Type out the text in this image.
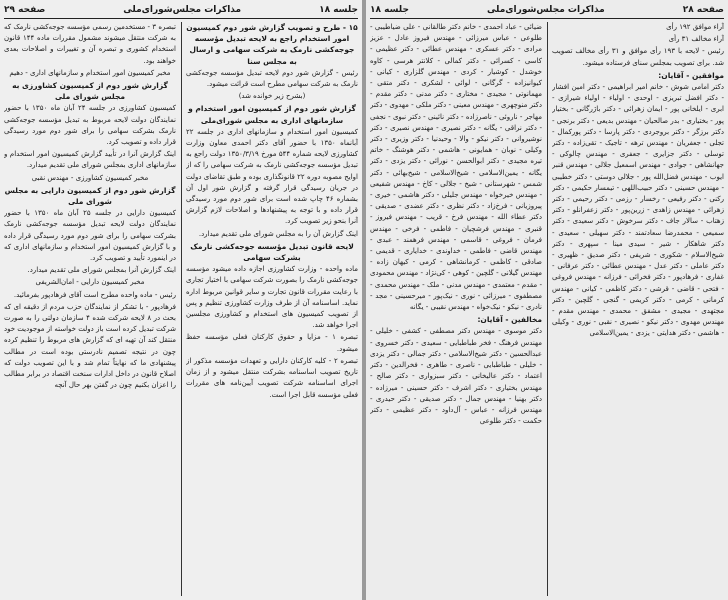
جلسه ۱۸
مذاکرات مجلس‌شورای‌ملی
صفحه ۲۹

۱۵ - طرح و تصویب گزارش شور دوم کمیسیون امور استخدام راجع به لایحه تبدیل مؤسسه جوجه‌کشی نارمک به شرکت سهامی و ارسال به مجلس سنا

رئیس - گزارش شور دوم لایحه تبدیل مؤسسه جوجه‌کشی نارمک به شرکت سهامی مطرح است قرائت میشود.

(بشرح زیر خوانده شد)

گزارش شور دوم از کمیسیون امور استخدام و سازمانهای اداری به مجلس شورای‌ملی

کمیسیون امور استخدام و سازمانهای اداری در جلسه ۲۲ آبانماه ۱۳۵۰ با حضور آقای دکتر احمدی معاون وزارت کشاورزی لایحه شماره ۵۴۴ مورخ ۱۳۵۰/۳/۱۹ دولت راجع به تبدیل مؤسسه جوجه‌کشی نارمک به شرکت سهامی را که از اوایح مصوبه دوره ۲۲ قانونگذاری بوده و طبق تقاضای دولت در جریان رسیدگی قرار گرفته و گزارش شور اول آن بشماره ۴۶ چاپ شده است برای شور دوم مورد رسیدگی قرار داده و با توجه به پیشنهادها و اصلاحات لازم گزارش آنرا بنحو زیر تصویب کرد.

اینک گزارش آن را به مجلس شورای ملی تقدیم میدارد.

لایحه قانون تبدیل مؤسسه جوجه‌کشی نارمک بشرکت سهامی

ماده واحده - وزارت کشاورزی اجازه داده میشود مؤسسه جوجه‌کشی نارمک را بصورت شرکت سهامی با اختیار تجاری با رعایت مقررات قانون تجارت و سایر قوانین مربوط اداره نماید. اساسنامه آن از طرف وزارت کشاورزی تنظیم و پس از تصویب کمیسیون های استخدام و کشاورزی مجلسین اجرا خواهد شد.

تبصره ۱ - مزایا و حقوق کارکنان فعلی مؤسسه حفظ میشود.

تبصره ۲ - کلیه کارکنان دارایی و تعهدات مؤسسه مذکور از تاریخ تصویب اساسنامه بشرکت منتقل میشود و از زمان اجرای اساسنامه شرکت تصویب آیین‌نامه های مقررات فعلی مؤسسه قابل اجرا است.

تبصره ۳ - مستخدمین رسمی مؤسسه جوجه‌کشی نارمک که به شرکت منتقل میشوند مشمول مقررات ماده ۱۴۴ قانون استخدام کشوری و تبصره آن و تغییرات و اصلاحات بعدی خواهند بود.

مخبر کمیسیون امور استخدام و سازمانهای اداری - دهیم

گزارش شور دوم از کمیسیون کشاورزی به مجلس شورای ملی

کمیسیون کشاورزی در جلسه ۲۴ آبان ماه ۱۳۵۰ با حضور نمایندگان دولت لایحه مربوط به تبدیل مؤسسه جوجه‌کشی نارمک بشرکت سهامی را برای شور دوم مورد رسیدگی قرار داده و تصویب کرد.

اینک گزارش آنرا در تأیید گزارش کمیسیون امور استخدام و سازمانهای اداری بمجلس شورای ملی تقدیم میدارد.

مخبر کمیسیون کشاورزی - مهندس نقبی

گزارش شور دوم از کمیسیون دارایی به مجلس شورای ملی

کمیسیون دارایی در جلسه ۲۵ آبان ماه ۱۳۵۰ با حضور نمایندگان دولت لایحه تبدیل مؤسسه جوجه‌کشی نارمک بشرکت سهامی را برای شور دوم مورد رسیدگی قرار داده و با گزارش کمیسیون امور استخدام و سازمانهای اداری که در اینمورد تأیید و تصویب کرد.

اینک گزارش آنرا بمجلس شورای ملی تقدیم میدارد.

مخبر کمیسیون دارایی - امان‌الشریفی

رئیس - ماده واحده مطرح است آقای فرهادپور بفرمائید.

فرهادپور - با تشکر از نمایندگان حزب مردم از دقیقه ای که بحث در ۸ لایحه شرکت شده ۴ سازمان دولتی را به صورت شرکت تبدیل کرده است باز دولت خواسته از موجودیت خود منتقل کند آن تهیه ای که گزارش های مربوط را تنظیم کرده چون در نتیجه تصمیم نادرستی بوده است در مطالب پیشنهادی ما که نهایتاً تمام شد و با این تصویب دولت که اصلاح قانون در داخل ادارات سنخت اقتصاد در برابر مطالب را اعزان بکنیم چون در گفتن بهر حال آنچه

صفحه ۲۸
مذاکرات مجلس‌شورای‌ملی
جلسه ۱۸

آراء موافق ۱۹۲ رأی

آراء مخالف ۳۱ رأی

رئیس - لایحه با ۱۹۳ رأی موافق و ۳۱ رأی مخالف تصویب شد. برای تصویب بمجلس سنای فرستاده میشود.

موافقین - آقایان:

دکتر امامی شوش - خانم امیر ابراهیمی - دکتر امین افشار - دکتر افضل تبریزی - اوحدی - اولیاء - اولیاء شیرازی - ابری - ایلخانی پور - ایمان زهرائی - دکتر باژرگانی - بختیار پور - بختیاری - بدر صالحیان - مهندس بدیعی - دکتر برنجی - دکتر برزگر - دکتر بروجردی - دکتر پارسا - دکتر پورکمال - تجلی - جعفریان - مهندس ترهه - تاجیک - تقی‌زاده - دکتر توسلی - دکتر جزایری - جعفری - مهندس چالوکی - جهانشاهی - جوادی - مهندس اسمعیل جلالی - مهندس قنبر ایوب - مهندس فضل‌الله پور - جلالی دوستی - دکتر خطیبی - مهندس حسینی - دکتر حبیب‌اللهی - تیمسار حکیمی - دکتر رکنی - دکتر رفیعی - رخسار - رزمی - دکتر رحیمی - دکتر زهرائی - مهندس زاهدی - زرین‌پور - دکتر زعفرانلو - دکتر زهتاب - سالار جاف - دکتر سرخوش - دکتر سعیدی - دکتر سمیعی - محمدرضا سعادتمند - دکتر سهیلی - سعیدی - دکتر شاهکار - شیر - سیدی مینا - سپهری - دکتر شیخ‌الاسلام - شکوری - شریفی - دکتر صدیق - ظهیری - دکتر عاملی - دکتر عدل - مهندس عطائی - دکتر عرفانی - غفاری - فرهادپور - دکتر فخرائی - فرزانه - مهندس فروغی - فتحی - قاضی - قرشی - دکتر کاظمی - کیانی - مهندس کرمانی - کرمی - دکتر کریمی - گنجی - گلچین - دکتر مجتهدی - مجیدی - مشفق - محمدی - مهندس مقدم - مهندس مهدوی - دکتر نیکو - نصیری - نقبی - نوری - وکیلی - هاشمی - دکتر هدایتی - یزدی - یمین‌الاسلامی

ضیائی - عباد احمدی - خانم دکتر طالقانی - علی ضیاطیبی - طلوعی - عباس میرزائی - مهندس فیروز عادل - عزیز مرادی - دکتر عسکری - مهندس عطائی - دکتر عظیمی - کاسی - کسرائی - دکتر کمالی - کلانتر هرسی - کاوه خوشدل - کوشیار - کردی - مهندس گلزاری - کیانی - کیوانیزاده - گرگانی - لوائی - لشکری - دکتر متقی - مهمانوتی - مجیدی - مختاری - دکتر مدنی - دکتر مقدم - دکتر منوچهری - مهندس معینی - دکتر ملکی - مهدوی - دکتر مهاجر - ناروئی - ناصرزاده - دکتر نائینی - دکتر نبوی - نجفی - دکتر نراقی - یگانه - دکتر نصیری - مهندس نصیری - دکتر نوشیروانی - دکتر نیکو - والا - وحیدنیا - دکتر وزیری - دکتر وکیلی - نوبان - همایونی - هاشمی - دکتر هوشنگ - خاتم تیره مجیدی - دکتر ابوالحسن - نورائی - دکتر یزدی - دکتر یگانه - یمین‌الاسلامی - شیخ‌الاسلامی - شیخ‌بهائی - دکتر شمس - شهرستانی - شیخ - جلالی - کاخ - مهندس شفیعی - مهندس خیرخواه - مهندس جلیلی - دکتر هاشمی - خیری - پیروزیانی - فرخ‌زاد - دکتر نظری - دکتر عضدی - صدیقی - دکتر عطاء الله - مهندس فرخ - قریب - مهندس فیروز - قنبری - مهندس فرشچیان - فاطمی - فرخی - مهندس فرمان - فروغی - قاسمی - مهندس فرهمند - عبدی - مهندس قاضی - فاطمی - خداوندی - خدایاری - قدیمی - صادقی - کاظمی - کرمانشاهی - کرمی - کیهان زاده - مهندس گیلانی - گلچین - کوهی - کی‌نژاد - مهندس محمودی - مقدم - معتمدی - مهندس مدنی - ملک - مهندس محمدی - مصطفوی - میرزائی - نوری - نیک‌پور - میرحسینی - مجد - نادری - نیکو - نیک‌خواه - مهندس نقیبی - یگانه

مخالفین - آقایان:

دکتر موسوی - مهندس دکتر مصطفی - کشفی - خلیلی - مهندس فرهنگ - فخر طباطبایی - سعیدی - دکتر خسروی - عبدالحسین - دکتر شیخ‌الاسلامی - دکتر جمالی - دکتر یزدی - خلیلی - طباطبایی - ناصری - طاهری - فخرالدین - دکتر اعتماد - دکتر عالیخانی - دکتر سبزواری - دکتر صالح - مهندس بختیاری - دکتر اشرف - دکتر حسینی - میرزاده - دکتر بهنیا - مهندس جمال - دکتر صدیقی - دکتر حیدری - مهندس فرزانه - عباس - آل‌داود - دکتر عظیمی - دکتر حکمت - دکتر طلوعی
